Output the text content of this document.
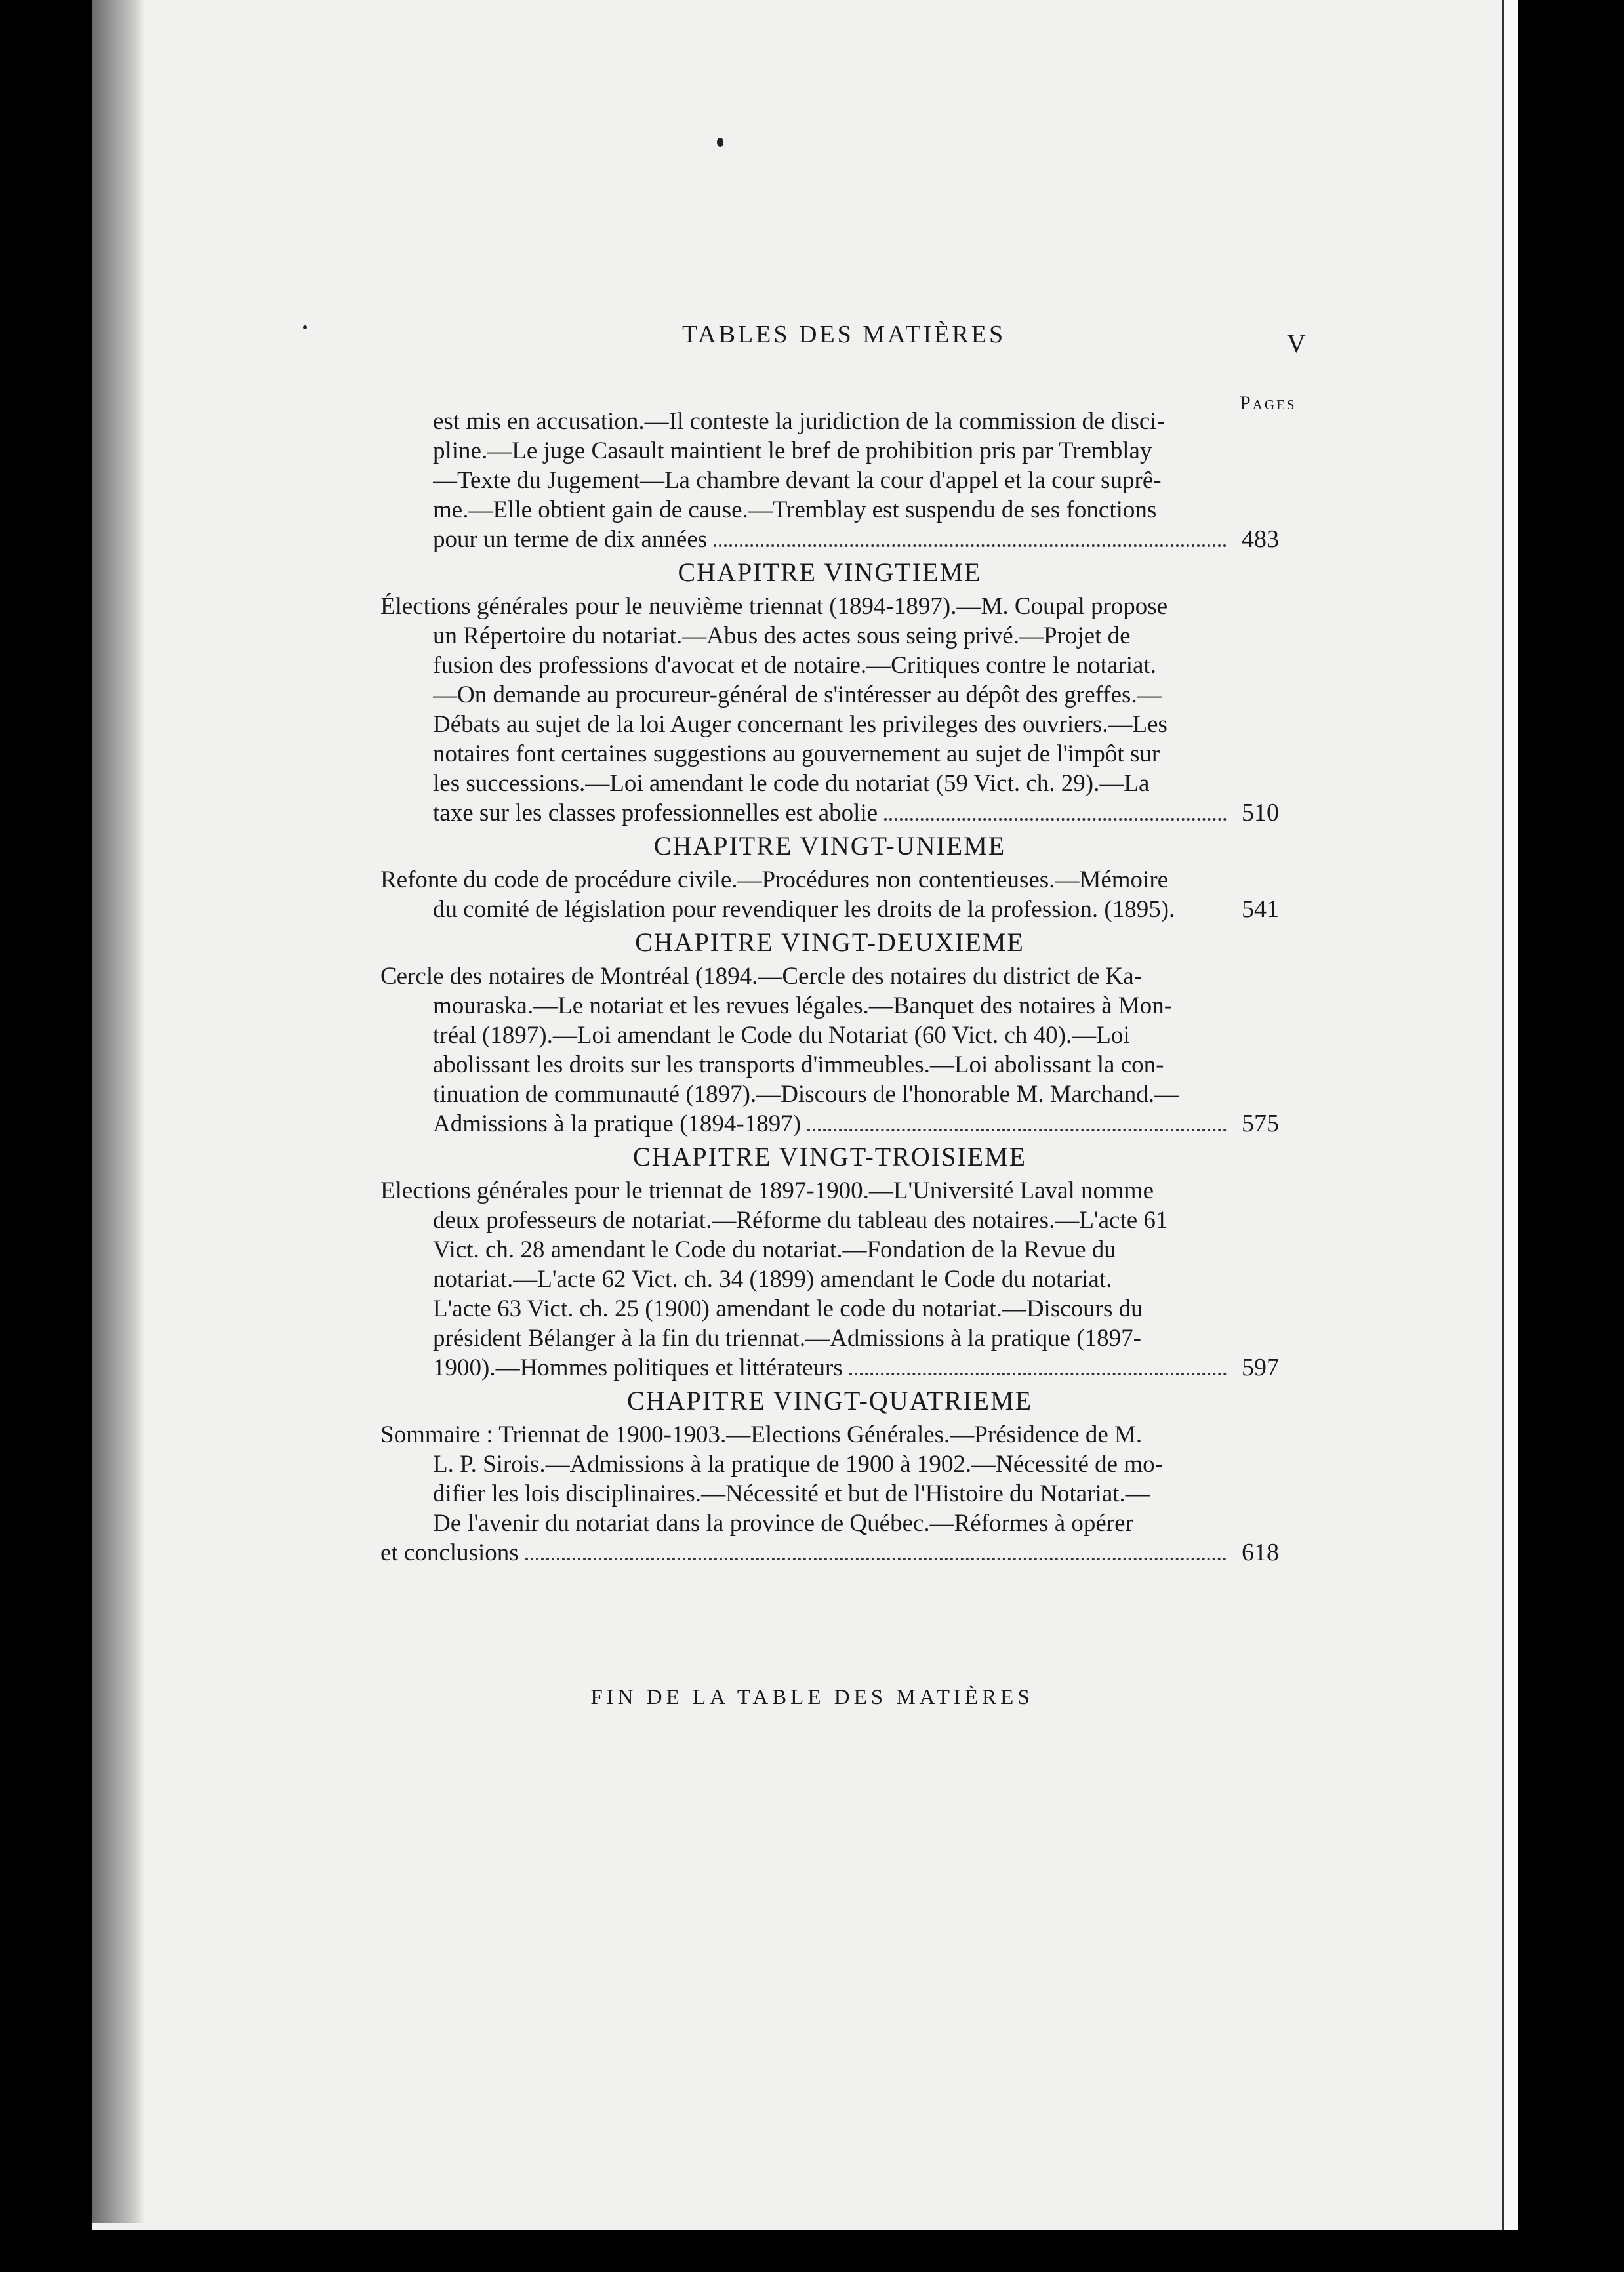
TABLES DES MATIÈRES	V
Pages
est mis en accusation.—Il conteste la juridiction de la commission de disci-
pline.—Le juge Casault maintient le bref de prohibition pris par Tremblay
—Texte du Jugement—La chambre devant la cour d'appel et la cour suprê-
me.—Elle obtient gain de cause.—Tremblay est suspendu de ses fonctions
pour un terme de dix années	483
CHAPITRE VINGTIEME
Élections générales pour le neuvième triennat (1894-1897).—M. Coupal propose
un Répertoire du notariat.—Abus des actes sous seing privé.—Projet de
fusion des professions d'avocat et de notaire.—Critiques contre le notariat.
—On demande au procureur-général de s'intéresser au dépôt des greffes.—
Débats au sujet de la loi Auger concernant les privileges des ouvriers.—Les
notaires font certaines suggestions au gouvernement au sujet de l'impôt sur
les successions.—Loi amendant le code du notariat (59 Vict. ch. 29).—La
taxe sur les classes professionnelles est abolie	510
CHAPITRE VINGT-UNIEME
Refonte du code de procédure civile.—Procédures non contentieuses.—Mémoire
du comité de législation pour revendiquer les droits de la profession. (1895).	541
CHAPITRE VINGT-DEUXIEME
Cercle des notaires de Montréal (1894.—Cercle des notaires du district de Ka-
mouraska.—Le notariat et les revues légales.—Banquet des notaires à Mon-
tréal (1897).—Loi amendant le Code du Notariat (60 Vict. ch 40).—Loi
abolissant les droits sur les transports d'immeubles.—Loi abolissant la con-
tinuation de communauté (1897).—Discours de l'honorable M. Marchand.—
Admissions à la pratique (1894-1897)	575
CHAPITRE VINGT-TROISIEME
Elections générales pour le triennat de 1897-1900.—L'Université Laval nomme
deux professeurs de notariat.—Réforme du tableau des notaires.—L'acte 61
Vict. ch. 28 amendant le Code du notariat.—Fondation de la Revue du
notariat.—L'acte 62 Vict. ch. 34 (1899) amendant le Code du notariat.
L'acte 63 Vict. ch. 25 (1900) amendant le code du notariat.—Discours du
président Bélanger à la fin du triennat.—Admissions à la pratique (1897-
1900).—Hommes politiques et littérateurs	597
CHAPITRE VINGT-QUATRIEME
Sommaire : Triennat de 1900-1903.—Elections Générales.—Présidence de M.
L. P. Sirois.—Admissions à la pratique de 1900 à 1902.—Nécessité de mo-
difier les lois disciplinaires.—Nécessité et but de l'Histoire du Notariat.—
De l'avenir du notariat dans la province de Québec.—Réformes à opérer
et conclusions	618
FIN DE LA TABLE DES MATIÈRES
